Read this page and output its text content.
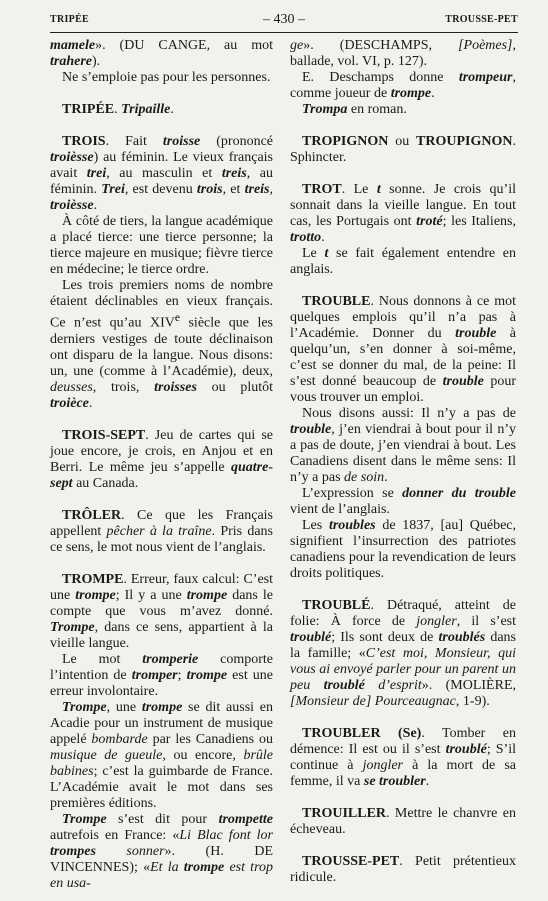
TRIPÉE	– 430 –	TROUSSE-PET

mamele». (DU CANGE, au mot trahere).

Ne s’emploie pas pour les personnes.

TRIPÉE. Tripaille.

TROIS. Fait troisse (prononcé troièsse) au féminin. Le vieux français avait trei, au masculin et treis, au féminin. Trei, est devenu trois, et treis, troièsse.

À côté de tiers, la langue académique a placé tierce: une tierce personne; la tierce majeure en musique; fièvre tierce en médecine; le tierce ordre.

Les trois premiers noms de nombre étaient déclinables en vieux français. Ce n’est qu’au XIVe siècle que les derniers vestiges de toute déclinaison ont disparu de la langue. Nous disons: un, une (comme à l’Académie), deux, deusses, trois, troisses ou plutôt troièce.

TROIS-SEPT. Jeu de cartes qui se joue encore, je crois, en Anjou et en Berri. Le même jeu s’appelle quatre-sept au Canada.

TRÔLER. Ce que les Français appellent pêcher à la traîne. Pris dans ce sens, le mot nous vient de l’anglais.

TROMPE. Erreur, faux calcul: C’est une trompe; Il y a une trompe dans le compte que vous m’avez donné. Trompe, dans ce sens, appartient à la vieille langue.

Le mot tromperie comporte l’intention de tromper; trompe est une erreur involontaire.

Trompe, une trompe se dit aussi en Acadie pour un instrument de musique appelé bombarde par les Canadiens ou musique de gueule, ou encore, brûle babines; c’est la guimbarde de France. L’Académie avait le mot dans ses premières éditions.

Trompe s’est dit pour trompette autrefois en France: «Li Blac font lor trompes sonner». (H. DE VINCENNES); «Et la trompe est trop en usa-

ge». (DESCHAMPS, [Poèmes], ballade, vol. VI, p. 127).

E. Deschamps donne trompeur, comme joueur de trompe.

Trompa en roman.

TROPIGNON ou TROUPIGNON. Sphincter.

TROT. Le t sonne. Je crois qu’il sonnait dans la vieille langue. En tout cas, les Portugais ont troté; les Italiens, trotto.

Le t se fait également entendre en anglais.

TROUBLE. Nous donnons à ce mot quelques emplois qu’il n’a pas à l’Académie. Donner du trouble à quelqu’un, s’en donner à soi-même, c’est se donner du mal, de la peine: Il s’est donné beaucoup de trouble pour vous trouver un emploi.

Nous disons aussi: Il n’y a pas de trouble, j’en viendrai à bout pour il n’y a pas de doute, j’en viendrai à bout. Les Canadiens disent dans le même sens: Il n’y a pas de soin.

L’expression se donner du trouble vient de l’anglais.

Les troubles de 1837, [au] Québec, signifient l’insurrection des patriotes canadiens pour la revendication de leurs droits politiques.

TROUBLÉ. Détraqué, atteint de folie: À force de jongler, il s’est troublé; Ils sont deux de troublés dans la famille; «C’est moi, Monsieur, qui vous ai envoyé parler pour un parent un peu troublé d’esprit». (MOLIÈRE, [Monsieur de] Pourceaugnac, 1-9).

TROUBLER (Se). Tomber en démence: Il est ou il s’est troublé; S’il continue à jongler à la mort de sa femme, il va se troubler.

TROUILLER. Mettre le chanvre en écheveau.

TROUSSE-PET. Petit prétentieux ridicule.
